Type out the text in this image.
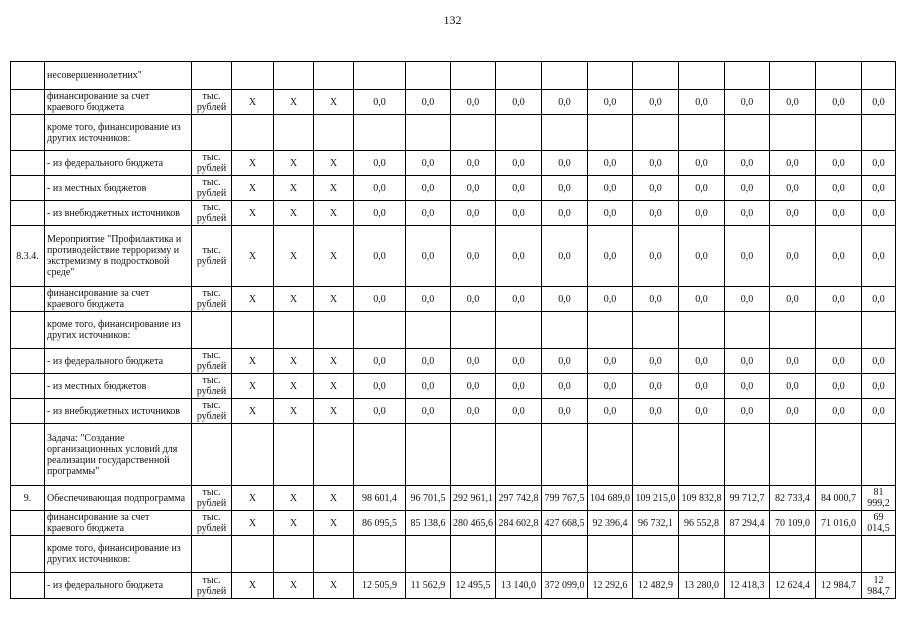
132
	несовершеннолетних"																
	финансирование за счет краевого бюджета	тыс. рублей	X	X	X	0,0	0,0	0,0	0,0	0,0	0,0	0,0	0,0	0,0	0,0	0,0	0,0
	кроме того, финансирование из других источников:																
	- из федерального бюджета	тыс. рублей	X	X	X	0,0	0,0	0,0	0,0	0,0	0,0	0,0	0,0	0,0	0,0	0,0	0,0
	- из местных бюджетов	тыс. рублей	X	X	X	0,0	0,0	0,0	0,0	0,0	0,0	0,0	0,0	0,0	0,0	0,0	0,0
	- из внебюджетных источников	тыс. рублей	X	X	X	0,0	0,0	0,0	0,0	0,0	0,0	0,0	0,0	0,0	0,0	0,0	0,0
8.3.4.	Мероприятие "Профилактика и противодействие терроризму и экстремизму в подростковой среде"	тыс. рублей	X	X	X	0,0	0,0	0,0	0,0	0,0	0,0	0,0	0,0	0,0	0,0	0,0	0,0
	финансирование за счет краевого бюджета	тыс. рублей	X	X	X	0,0	0,0	0,0	0,0	0,0	0,0	0,0	0,0	0,0	0,0	0,0	0,0
	кроме того, финансирование из других источников:																
	- из федерального бюджета	тыс. рублей	X	X	X	0,0	0,0	0,0	0,0	0,0	0,0	0,0	0,0	0,0	0,0	0,0	0,0
	- из местных бюджетов	тыс. рублей	X	X	X	0,0	0,0	0,0	0,0	0,0	0,0	0,0	0,0	0,0	0,0	0,0	0,0
	- из внебюджетных источников	тыс. рублей	X	X	X	0,0	0,0	0,0	0,0	0,0	0,0	0,0	0,0	0,0	0,0	0,0	0,0
	Задача: "Создание организационных условий для реализации государственной программы"																
9.	Обеспечивающая подпрограмма	тыс. рублей	X	X	X	98 601,4	96 701,5	292 961,1	297 742,8	799 767,5	104 689,0	109 215,0	109 832,8	99 712,7	82 733,4	84 000,7	81 999,2
	финансирование за счет краевого бюджета	тыс. рублей	X	X	X	86 095,5	85 138,6	280 465,6	284 602,8	427 668,5	92 396,4	96 732,1	96 552,8	87 294,4	70 109,0	71 016,0	69 014,5
	кроме того, финансирование из других источников:																
	- из федерального бюджета	тыс. рублей	X	X	X	12 505,9	11 562,9	12 495,5	13 140,0	372 099,0	12 292,6	12 482,9	13 280,0	12 418,3	12 624,4	12 984,7	12 984,7
